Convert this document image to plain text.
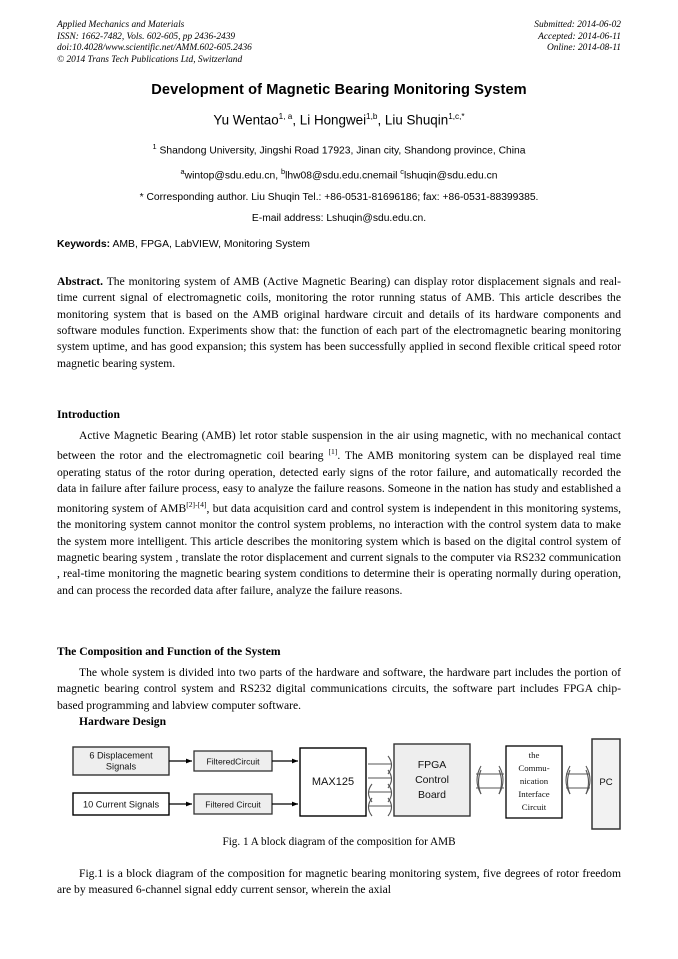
Applied Mechanics and Materials
ISSN: 1662-7482, Vols. 602-605, pp 2436-2439
doi:10.4028/www.scientific.net/AMM.602-605.2436
© 2014 Trans Tech Publications Ltd, Switzerland
Submitted: 2014-06-02
Accepted: 2014-06-11
Online: 2014-08-11
Development of Magnetic Bearing Monitoring System
Yu Wentao$^{1, a}$, Li Hongwei$^{1,b}$, Liu Shuqin$^{1,c,*}$
$^1$ Shandong University, Jingshi Road 17923, Jinan city, Shandong province, China
$^a$wintop@sdu.edu.cn, $^b$lhw08@sdu.edu.cnemail $^c$lshuqin@sdu.edu.cn
* Corresponding author. Liu Shuqin Tel.: +86-0531-81696186; fax: +86-0531-88399385.
E-mail address: Lshuqin@sdu.edu.cn.
Keywords: AMB, FPGA, LabVIEW, Monitoring System
Abstract. The monitoring system of AMB (Active Magnetic Bearing) can display rotor displacement signals and real-time current signal of electromagnetic coils, monitoring the rotor running status of AMB. This article describes the monitoring system that is based on the AMB original hardware circuit and details of its hardware components and software modules function. Experiments show that: the function of each part of the electromagnetic bearing monitoring system uptime, and has good expansion; this system has been successfully applied in second flexible critical speed rotor magnetic bearing system.
Introduction
Active Magnetic Bearing (AMB) let rotor stable suspension in the air using magnetic, with no mechanical contact between the rotor and the electromagnetic coil bearing [1]. The AMB monitoring system can be displayed real time operating status of the rotor during operation, detected early signs of the rotor failure, and automatically recorded the data in failure after failure process, easy to analyze the failure reasons. Someone in the nation has study and established a monitoring system of AMB[2]-[4], but data acquisition card and control system is independent in this monitoring systems, the monitoring system cannot monitor the control system problems, no interaction with the control system data to make the system more intelligent. This article describes the monitoring system which is based on the digital control system of magnetic bearing system , translate the rotor displacement and current signals to the computer via RS232 communication , real-time monitoring the magnetic bearing system conditions to determine their is operating normally during operation, and can process the recorded data after failure, analyze the failure reasons.
The Composition and Function of the System
The whole system is divided into two parts of the hardware and software, the hardware part includes the portion of magnetic bearing control system and RS232 digital communications circuits, the software part includes FPGA chip-based programming and labview computer software.
Hardware Design
6 Displacement
Signals
10 Current Signals
FilteredCircuit
Filtered Circuit
MAX125
FPGA
Control
Board
the
Commu-
nication
Interface
Circuit
PC
Fig. 1 A block diagram of the composition for AMB
Fig.1 is a block diagram of the composition for magnetic bearing monitoring system, five degrees of rotor freedom are by measured 6-channel signal eddy current sensor, wherein the axial
